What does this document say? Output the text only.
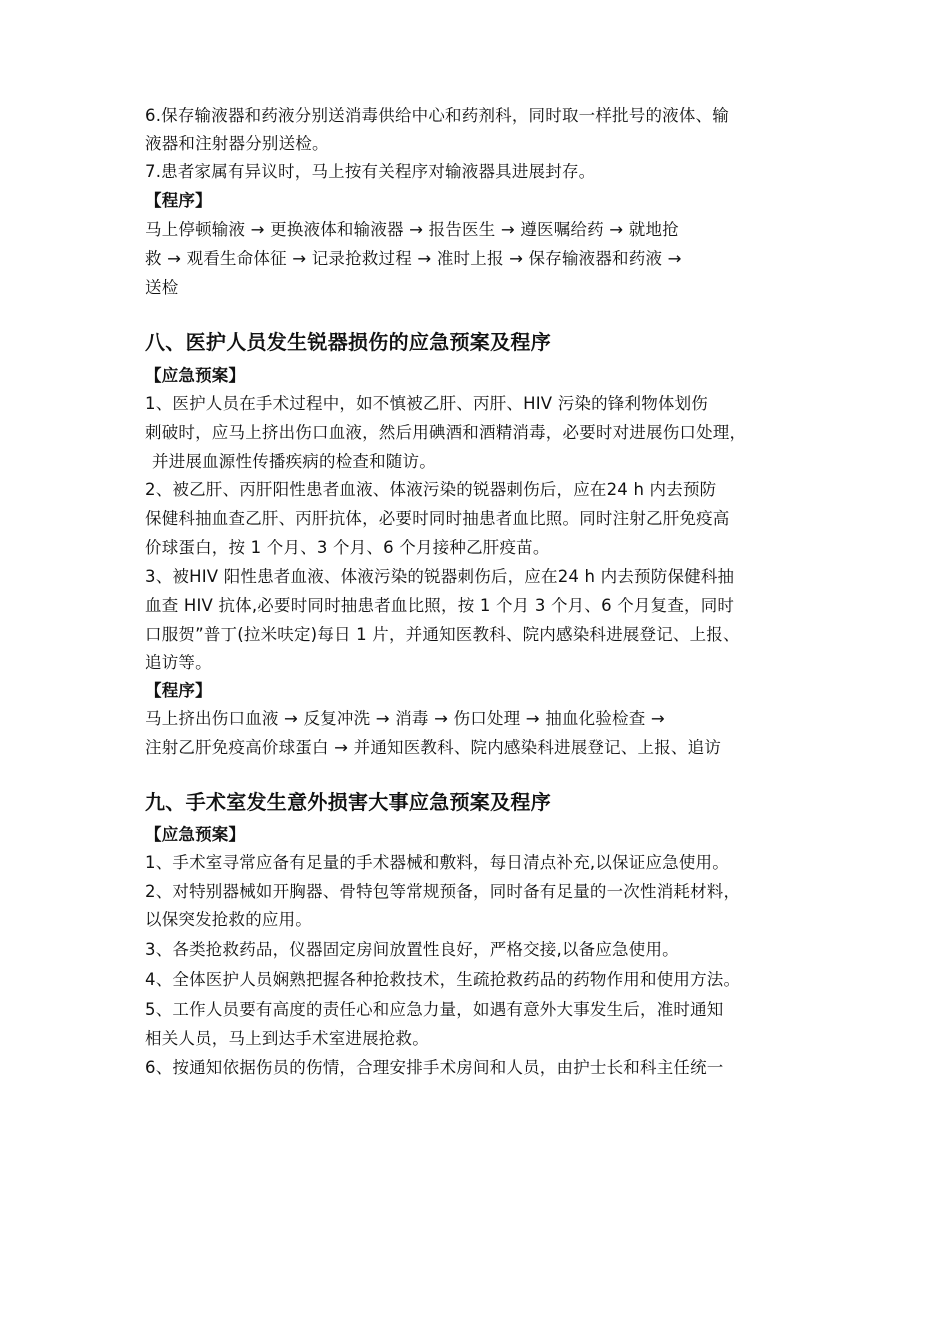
6.保存输液器和药液分别送消毒供给中心和药剂科，同时取一样批号的液体、输
液器和注射器分别送检。
7.患者家属有异议时，马上按有关程序对输液器具进展封存。
【程序】
马上停顿输液 → 更换液体和输液器 → 报告医生 → 遵医嘱给药 → 就地抢
救 → 观看生命体征 → 记录抢救过程 → 准时上报 → 保存输液器和药液 →
送检
八、医护人员发生锐器损伤的应急预案及程序
【应急预案】
1、医护人员在手术过程中，如不慎被乙肝、丙肝、HIV 污染的锋利物体划伤
刺破时，应马上挤出伤口血液，然后用碘酒和酒精消毒，必要时对进展伤口处理，
并进展血源性传播疾病的检查和随访。
2、被乙肝、丙肝阳性患者血液、体液污染的锐器刺伤后，应在24 h 内去预防
保健科抽血查乙肝、丙肝抗体，必要时同时抽患者血比照。同时注射乙肝免疫高
价球蛋白，按 1 个月、3 个月、6 个月接种乙肝疫苗。
3、被HIV 阳性患者血液、体液污染的锐器刺伤后，应在24 h 内去预防保健科抽
血查 HIV 抗体,必要时同时抽患者血比照，按 1 个月 3 个月、6 个月复查，同时
口服贺”普丁(拉米呋定)每日 1 片，并通知医教科、院内感染科进展登记、上报、
追访等。
【程序】
马上挤出伤口血液 → 反复冲洗 → 消毒 → 伤口处理 → 抽血化验检查 →
注射乙肝免疫高价球蛋白 → 并通知医教科、院内感染科进展登记、上报、追访
九、手术室发生意外损害大事应急预案及程序
【应急预案】
1、手术室寻常应备有足量的手术器械和敷料，每日清点补充,以保证应急使用。
2、对特别器械如开胸器、骨特包等常规预备，同时备有足量的一次性消耗材料，
以保突发抢救的应用。
3、各类抢救药品，仪器固定房间放置性良好，严格交接,以备应急使用。
4、全体医护人员娴熟把握各种抢救技术，生疏抢救药品的药物作用和使用方法。
5、工作人员要有高度的责任心和应急力量，如遇有意外大事发生后，准时通知
相关人员，马上到达手术室进展抢救。
6、按通知依据伤员的伤情，合理安排手术房间和人员，由护士长和科主任统一
